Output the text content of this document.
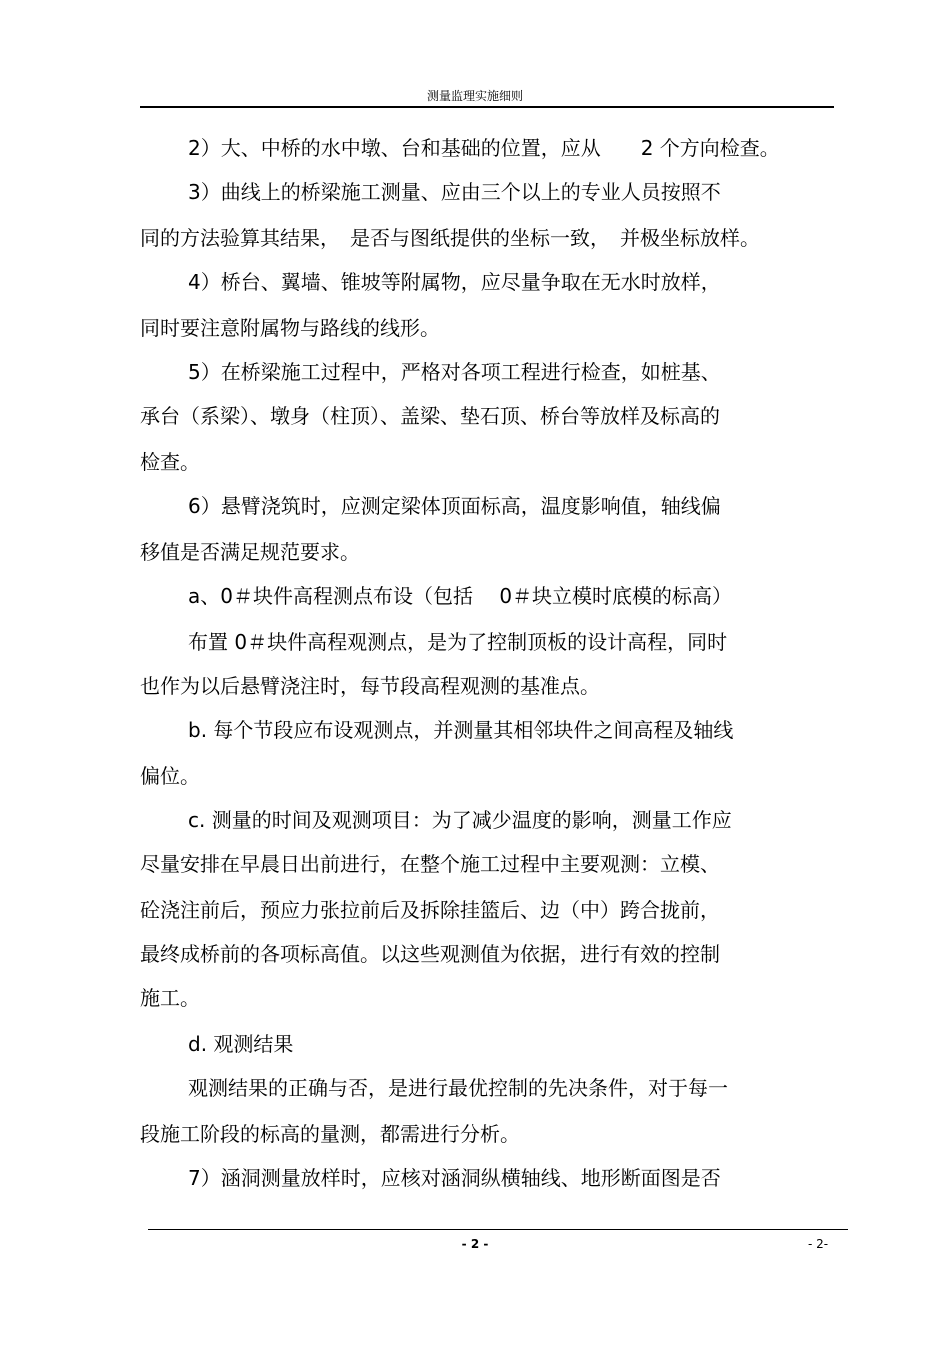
测量监理实施细则
2）大、中桥的水中墩、台和基础的位置，应从　　2 个方向检查。
3）曲线上的桥梁施工测量、应由三个以上的专业人员按照不
同的方法验算其结果，　是否与图纸提供的坐标一致，　并极坐标放样。
4）桥台、翼墙、锥坡等附属物，应尽量争取在无水时放样，
同时要注意附属物与路线的线形。
5）在桥梁施工过程中，严格对各项工程进行检查，如桩基、
承台（系梁）、墩身（柱顶）、盖梁、垫石顶、桥台等放样及标高的
检查。
6）悬臂浇筑时，应测定梁体顶面标高，温度影响值，轴线偏
移值是否满足规范要求。
a、0＃块件高程测点布设（包括　 0＃块立模时底模的标高）
布置 0＃块件高程观测点，是为了控制顶板的设计高程，同时
也作为以后悬臂浇注时，每节段高程观测的基准点。
b. 每个节段应布设观测点，并测量其相邻块件之间高程及轴线
偏位。
c. 测量的时间及观测项目：为了减少温度的影响，测量工作应
尽量安排在早晨日出前进行，在整个施工过程中主要观测：立模、
砼浇注前后，预应力张拉前后及拆除挂篮后、边（中）跨合拢前，
最终成桥前的各项标高值。以这些观测值为依据，进行有效的控制
施工。
d. 观测结果
观测结果的正确与否，是进行最优控制的先决条件，对于每一
段施工阶段的标高的量测，都需进行分析。
7）涵洞测量放样时，应核对涵洞纵横轴线、地形断面图是否
- 2 -	- 2-
